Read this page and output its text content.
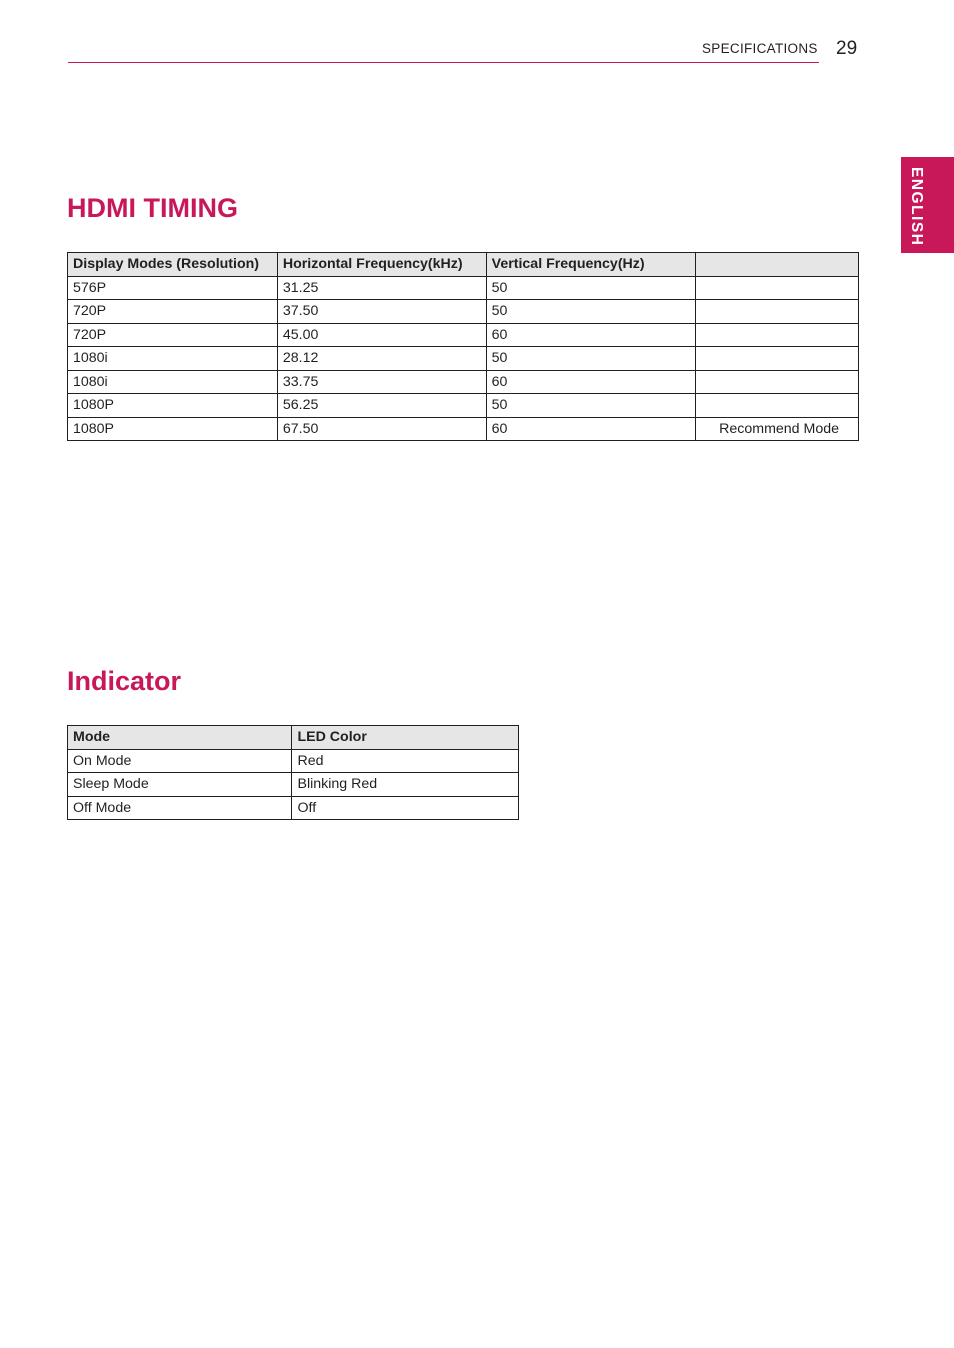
SPECIFICATIONS 29
ENGLISH
HDMI TIMING
Display Modes (Resolution)	Horizontal Frequency(kHz)	Vertical Frequency(Hz)	
576P	31.25	50	
720P	37.50	50	
720P	45.00	60	
1080i	28.12	50	
1080i	33.75	60	
1080P	56.25	50	
1080P	67.50	60	Recommend Mode
Indicator
Mode	LED Color
On Mode	Red
Sleep Mode	Blinking Red
Off Mode	Off
